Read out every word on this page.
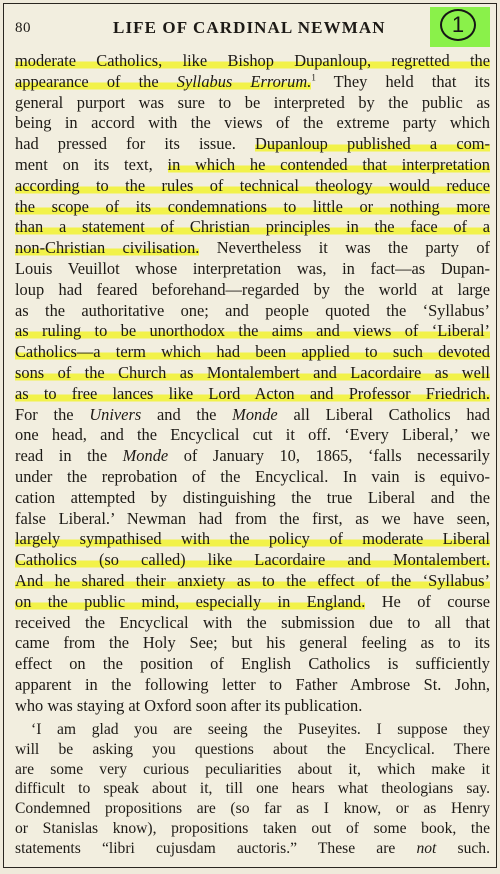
80	LIFE OF CARDINAL NEWMAN	1
moderate Catholics, like Bishop Dupanloup, regretted the
appearance of the Syllabus Errorum.$^1$ They held that its
general purport was sure to be interpreted by the public as
being in accord with the views of the extreme party which
had pressed for its issue. Dupanloup published a com-
ment on its text, in which he contended that interpretation
according to the rules of technical theology would reduce
the scope of its condemnations to little or nothing more
than a statement of Christian principles in the face of a
non-Christian civilisation. Nevertheless it was the party of
Louis Veuillot whose interpretation was, in fact—as Dupan-
loup had feared beforehand—regarded by the world at large
as the authoritative one; and people quoted the ‘Syllabus’
as ruling to be unorthodox the aims and views of ‘Liberal’
Catholics—a term which had been applied to such devoted
sons of the Church as Montalembert and Lacordaire as well
as to free lances like Lord Acton and Professor Friedrich.
For the Univers and the Monde all Liberal Catholics had
one head, and the Encyclical cut it off. ‘Every Liberal,’ we
read in the Monde of January 10, 1865, ‘falls necessarily
under the reprobation of the Encyclical. In vain is equivo-
cation attempted by distinguishing the true Liberal and the
false Liberal.’ Newman had from the first, as we have seen,
largely sympathised with the policy of moderate Liberal
Catholics (so called) like Lacordaire and Montalembert.
And he shared their anxiety as to the effect of the ‘Syllabus’
on the public mind, especially in England. He of course
received the Encyclical with the submission due to all that
came from the Holy See; but his general feeling as to its
effect on the position of English Catholics is sufficiently
apparent in the following letter to Father Ambrose St. John,
who was staying at Oxford soon after its publication.
‘I am glad you are seeing the Puseyites. I suppose they
will be asking you questions about the Encyclical. There
are some very curious peculiarities about it, which make it
difficult to speak about it, till one hears what theologians say.
Condemned propositions are (so far as I know, or as Henry
or Stanislas know), propositions taken out of some book, the
statements “libri cujusdam auctoris.” These are not such.
